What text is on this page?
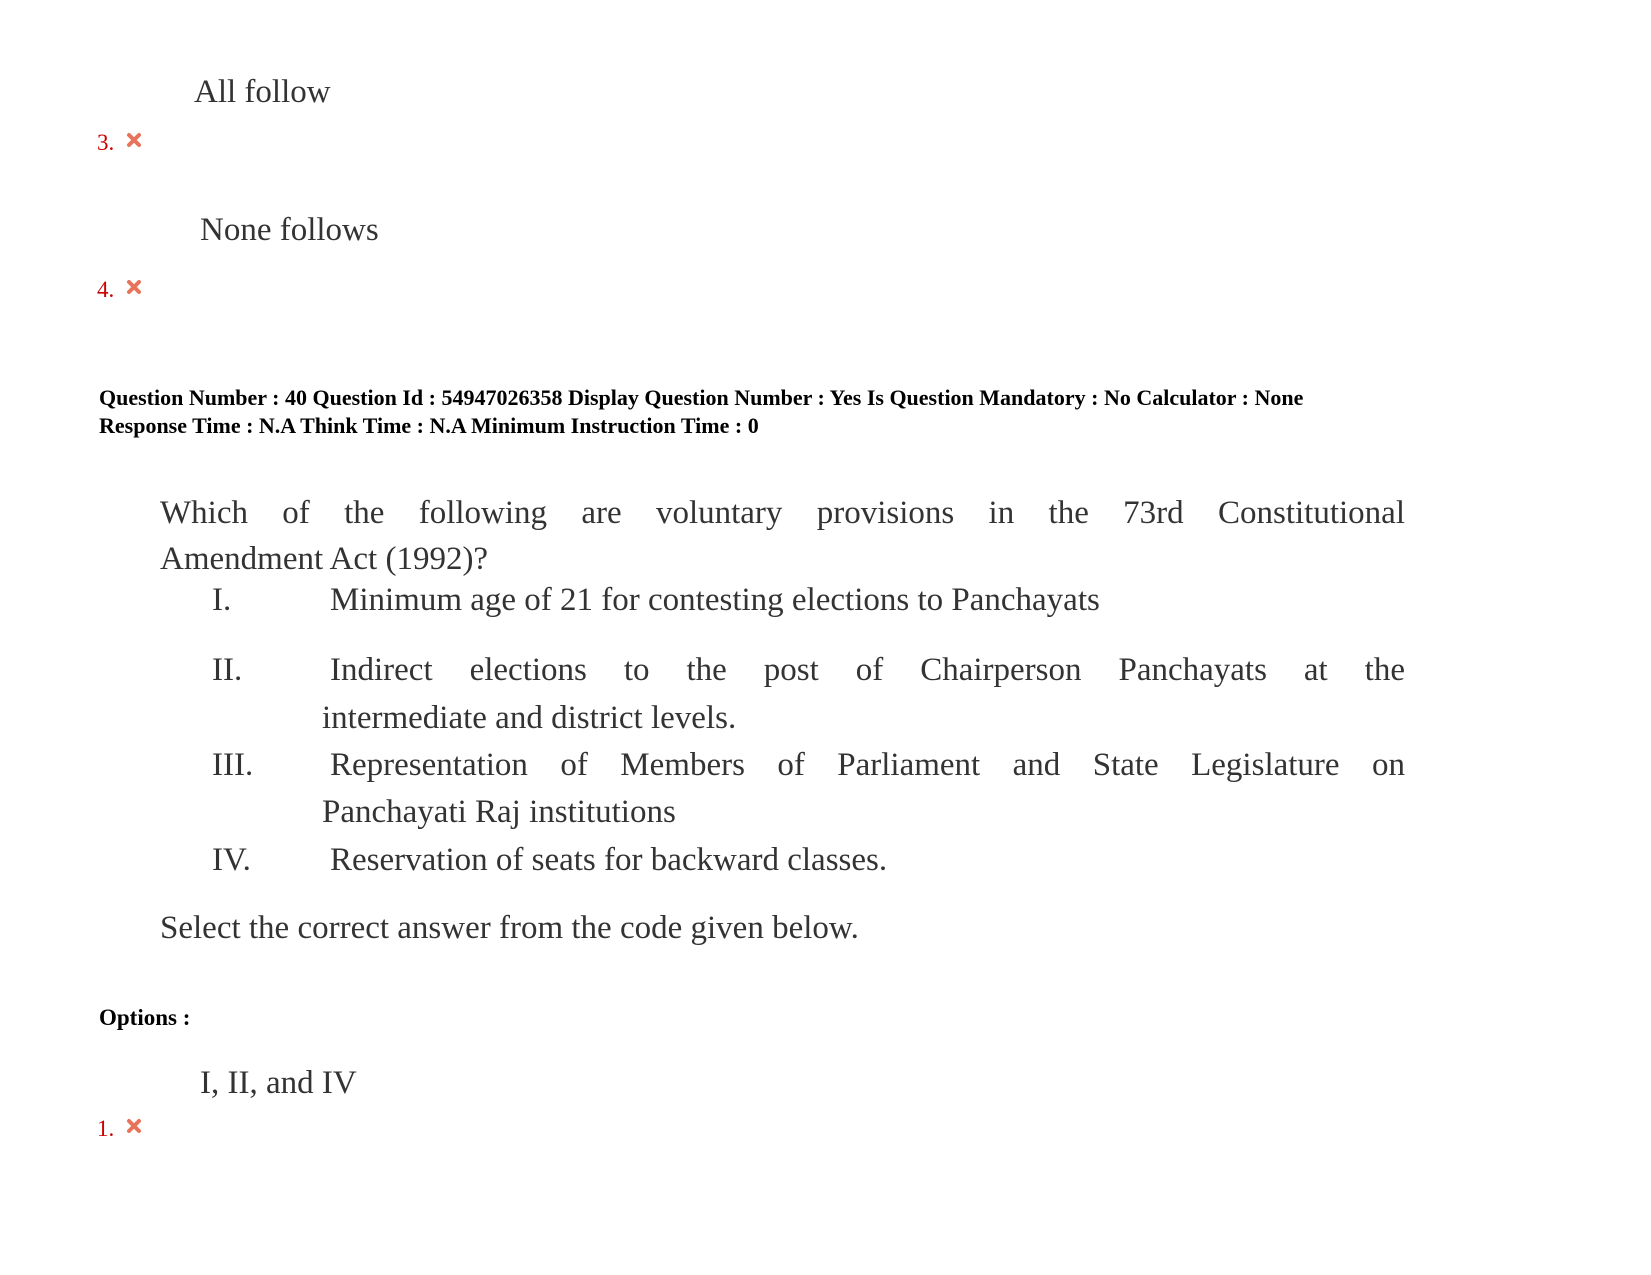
All follow
3.
None follows
4.
Question Number : 40 Question Id : 54947026358 Display Question Number : Yes Is Question Mandatory : No Calculator : None
Response Time : N.A Think Time : N.A Minimum Instruction Time : 0
Which of the following are voluntary provisions in the 73rd Constitutional
Amendment Act (1992)?
I.	Minimum age of 21 for contesting elections to Panchayats
II.	Indirect elections to the post of Chairperson Panchayats at the
intermediate and district levels.
III. Representation of Members of Parliament and State Legislature on
Panchayati Raj institutions
IV. Reservation of seats for backward classes.
Select the correct answer from the code given below.
Options :
I, II, and IV
1.
